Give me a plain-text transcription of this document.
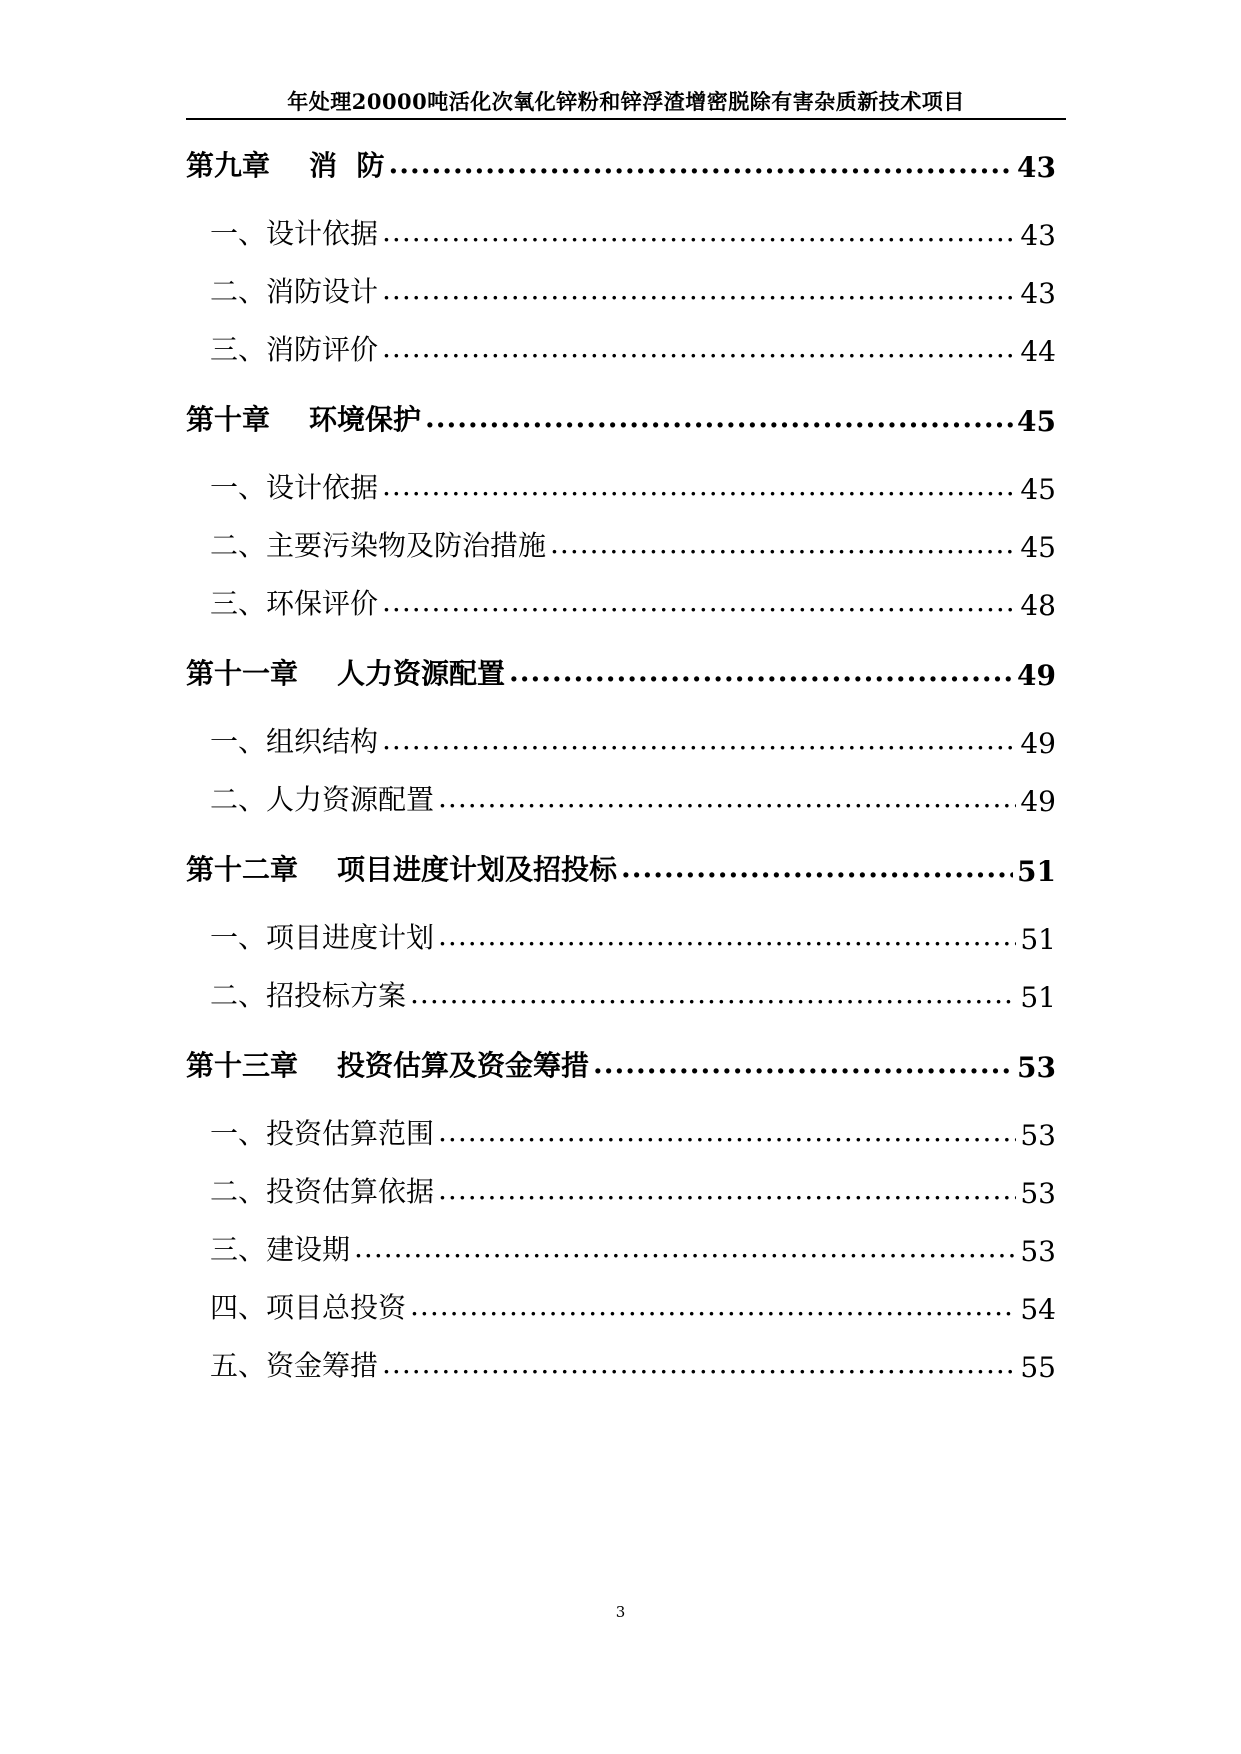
年处理20000吨活化次氧化锌粉和锌浮渣增密脱除有害杂质新技术项目
第九章    消  防 .....	43
一、设计依据 .....	43
二、消防设计 .....	43
三、消防评价 .....	44
第十章    环境保护 .....	45
一、设计依据 .....	45
二、主要污染物及防治措施 .....	45
三、环保评价 .....	48
第十一章    人力资源配置 .....	49
一、组织结构 .....	49
二、人力资源配置 .....	49
第十二章    项目进度计划及招投标 .....	51
一、项目进度计划 .....	51
二、招投标方案 .....	51
第十三章    投资估算及资金筹措 .....	53
一、投资估算范围 .....	53
二、投资估算依据 .....	53
三、建设期 .....	53
四、项目总投资 .....	54
五、资金筹措 .....	55
3
